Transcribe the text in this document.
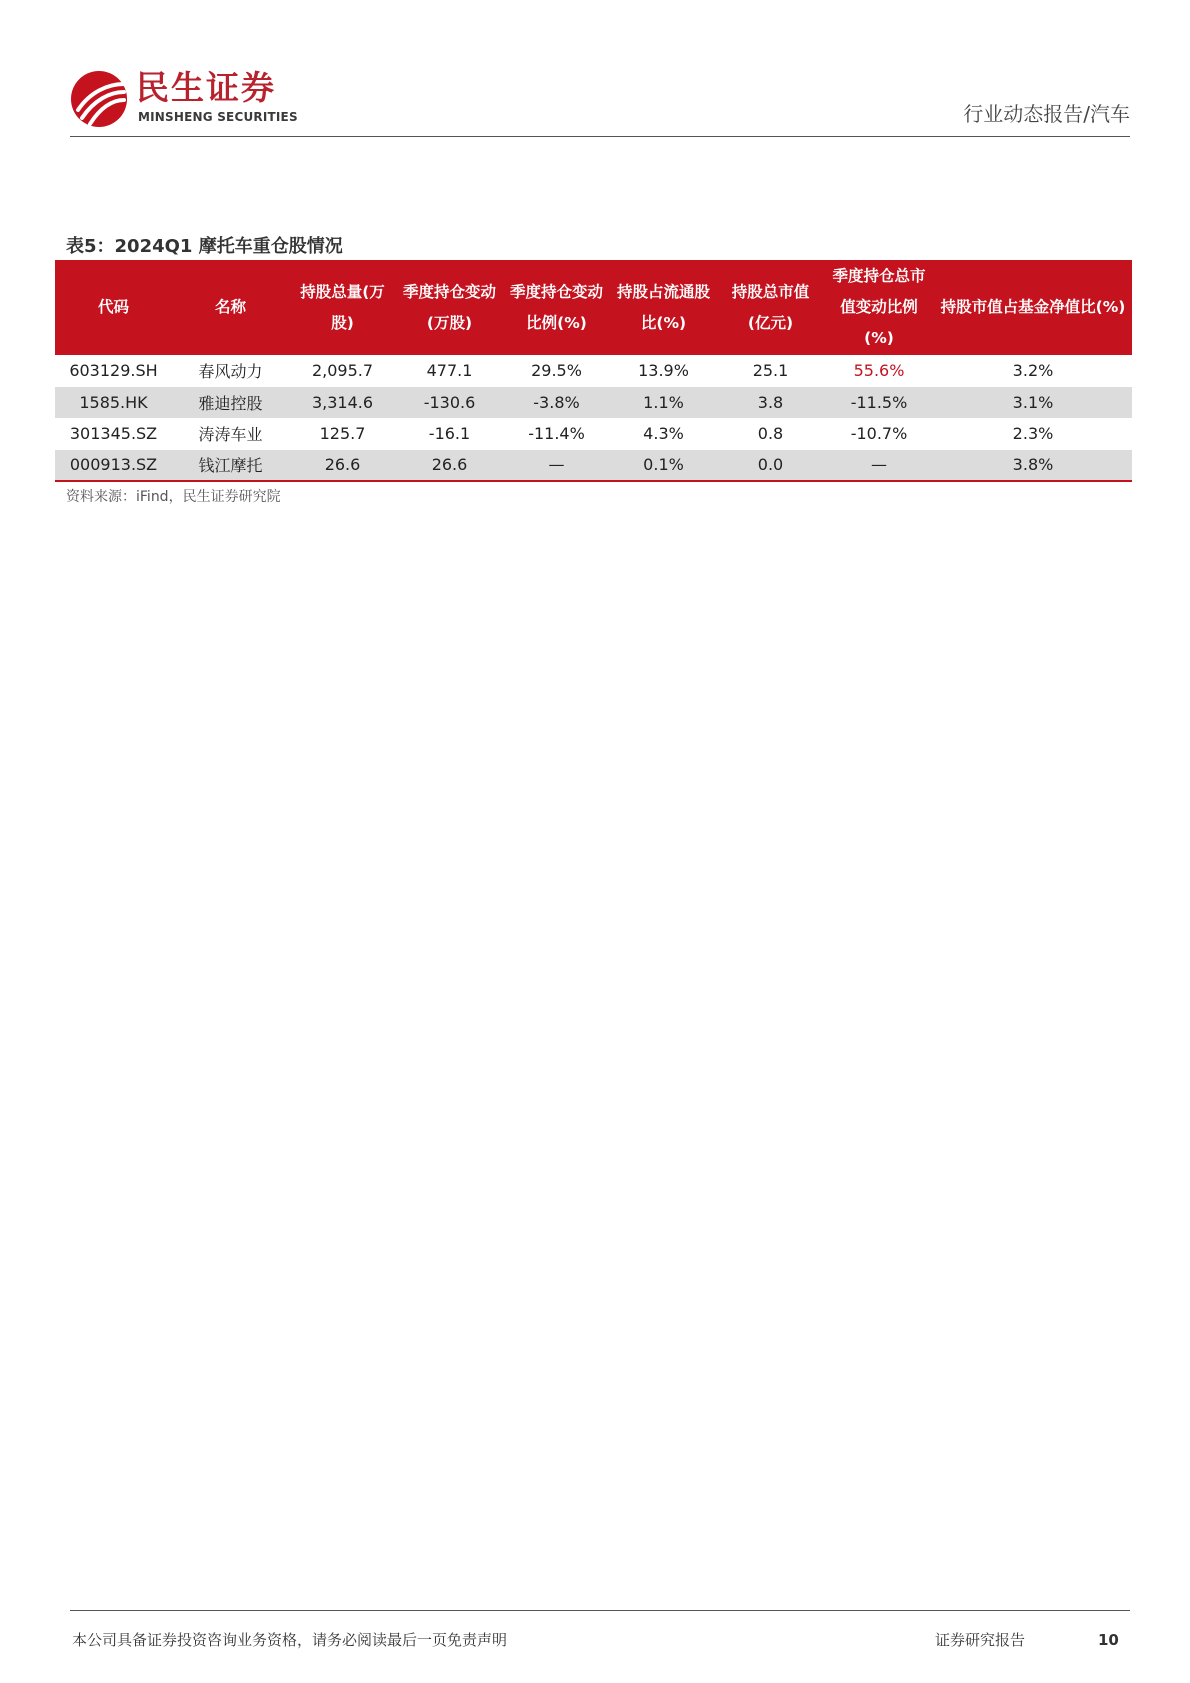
民生证券
MINSHENG SECURITIES	行业动态报告/汽车
表5：2024Q1 摩托车重仓股情况
代码	名称	持股总量(万股)	季度持仓变动(万股)	季度持仓变动比例(%)	持股占流通股比(%)	持股总市值(亿元)	季度持仓总市值变动比例(%)	持股市值占基金净值比(%)
603129.SH	春风动力	2,095.7	477.1	29.5%	13.9%	25.1	55.6%	3.2%
1585.HK	雅迪控股	3,314.6	-130.6	-3.8%	1.1%	3.8	-11.5%	3.1%
301345.SZ	涛涛车业	125.7	-16.1	-11.4%	4.3%	0.8	-10.7%	2.3%
000913.SZ	钱江摩托	26.6	26.6	—	0.1%	0.0	—	3.8%
资料来源：iFind，民生证券研究院
本公司具备证券投资咨询业务资格，请务必阅读最后一页免责声明	证券研究报告	10
